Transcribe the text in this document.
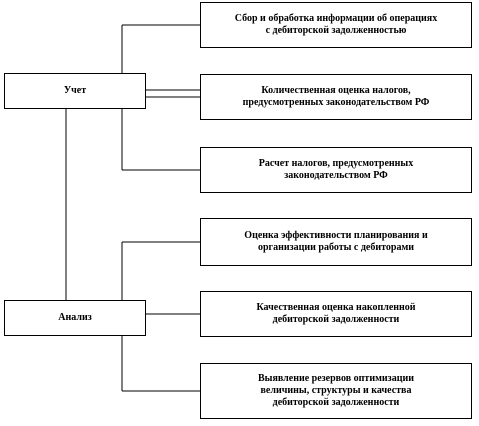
Учет
Анализ
Сбор и обработка информации об операциях
с дебиторской задолженностью
Количественная оценка налогов,
предусмотренных законодательством РФ
Расчет налогов, предусмотренных
законодательством РФ
Оценка эффективности планирования и
организации работы с дебиторами
Качественная оценка накопленной
дебиторской задолженности
Выявление резервов оптимизации
величины, структуры и качества
дебиторской задолженности
